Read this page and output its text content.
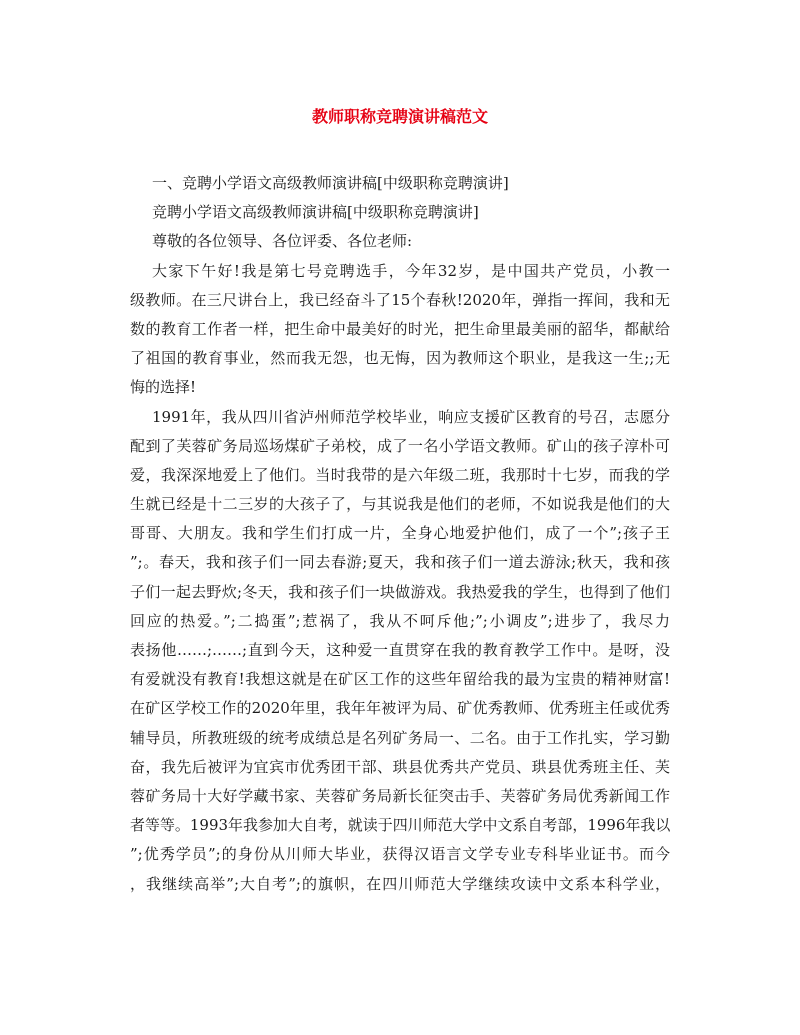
教师职称竞聘演讲稿范文
一、竞聘小学语文高级教师演讲稿[中级职称竞聘演讲]
竞聘小学语文高级教师演讲稿[中级职称竞聘演讲]
尊敬的各位领导、各位评委、各位老师:
大家下午好!我是第七号竞聘选手，今年32岁，是中国共产党员，小教一
级教师。在三尺讲台上，我已经奋斗了15个春秋!2020年，弹指一挥间，我和无
数的教育工作者一样，把生命中最美好的时光，把生命里最美丽的韶华，都献给
了祖国的教育事业，然而我无怨，也无悔，因为教师这个职业，是我这一生;;无
悔的选择!
1991年，我从四川省泸州师范学校毕业，响应支援矿区教育的号召，志愿分
配到了芙蓉矿务局巡场煤矿子弟校，成了一名小学语文教师。矿山的孩子淳朴可
爱，我深深地爱上了他们。当时我带的是六年级二班，我那时十七岁，而我的学
生就已经是十二三岁的大孩子了，与其说我是他们的老师，不如说我是他们的大
哥哥、大朋友。我和学生们打成一片，全身心地爱护他们，成了一个”;孩子王
”;。春天，我和孩子们一同去春游;夏天，我和孩子们一道去游泳;秋天，我和孩
子们一起去野炊;冬天，我和孩子们一块做游戏。我热爱我的学生，也得到了他们
回应的热爱。”;二捣蛋”;惹祸了，我从不呵斥他;”;小调皮”;进步了，我尽力
表扬他……;……;直到今天，这种爱一直贯穿在我的教育教学工作中。是呀，没
有爱就没有教育!我想这就是在矿区工作的这些年留给我的最为宝贵的精神财富!
在矿区学校工作的2020年里，我年年被评为局、矿优秀教师、优秀班主任或优秀
辅导员，所教班级的统考成绩总是名列矿务局一、二名。由于工作扎实，学习勤
奋，我先后被评为宜宾市优秀团干部、珙县优秀共产党员、珙县优秀班主任、芙
蓉矿务局十大好学藏书家、芙蓉矿务局新长征突击手、芙蓉矿务局优秀新闻工作
者等等。1993年我参加大自考，就读于四川师范大学中文系自考部，1996年我以
”;优秀学员”;的身份从川师大毕业，获得汉语言文学专业专科毕业证书。而今
，我继续高举”;大自考”;的旗帜，在四川师范大学继续攻读中文系本科学业，
